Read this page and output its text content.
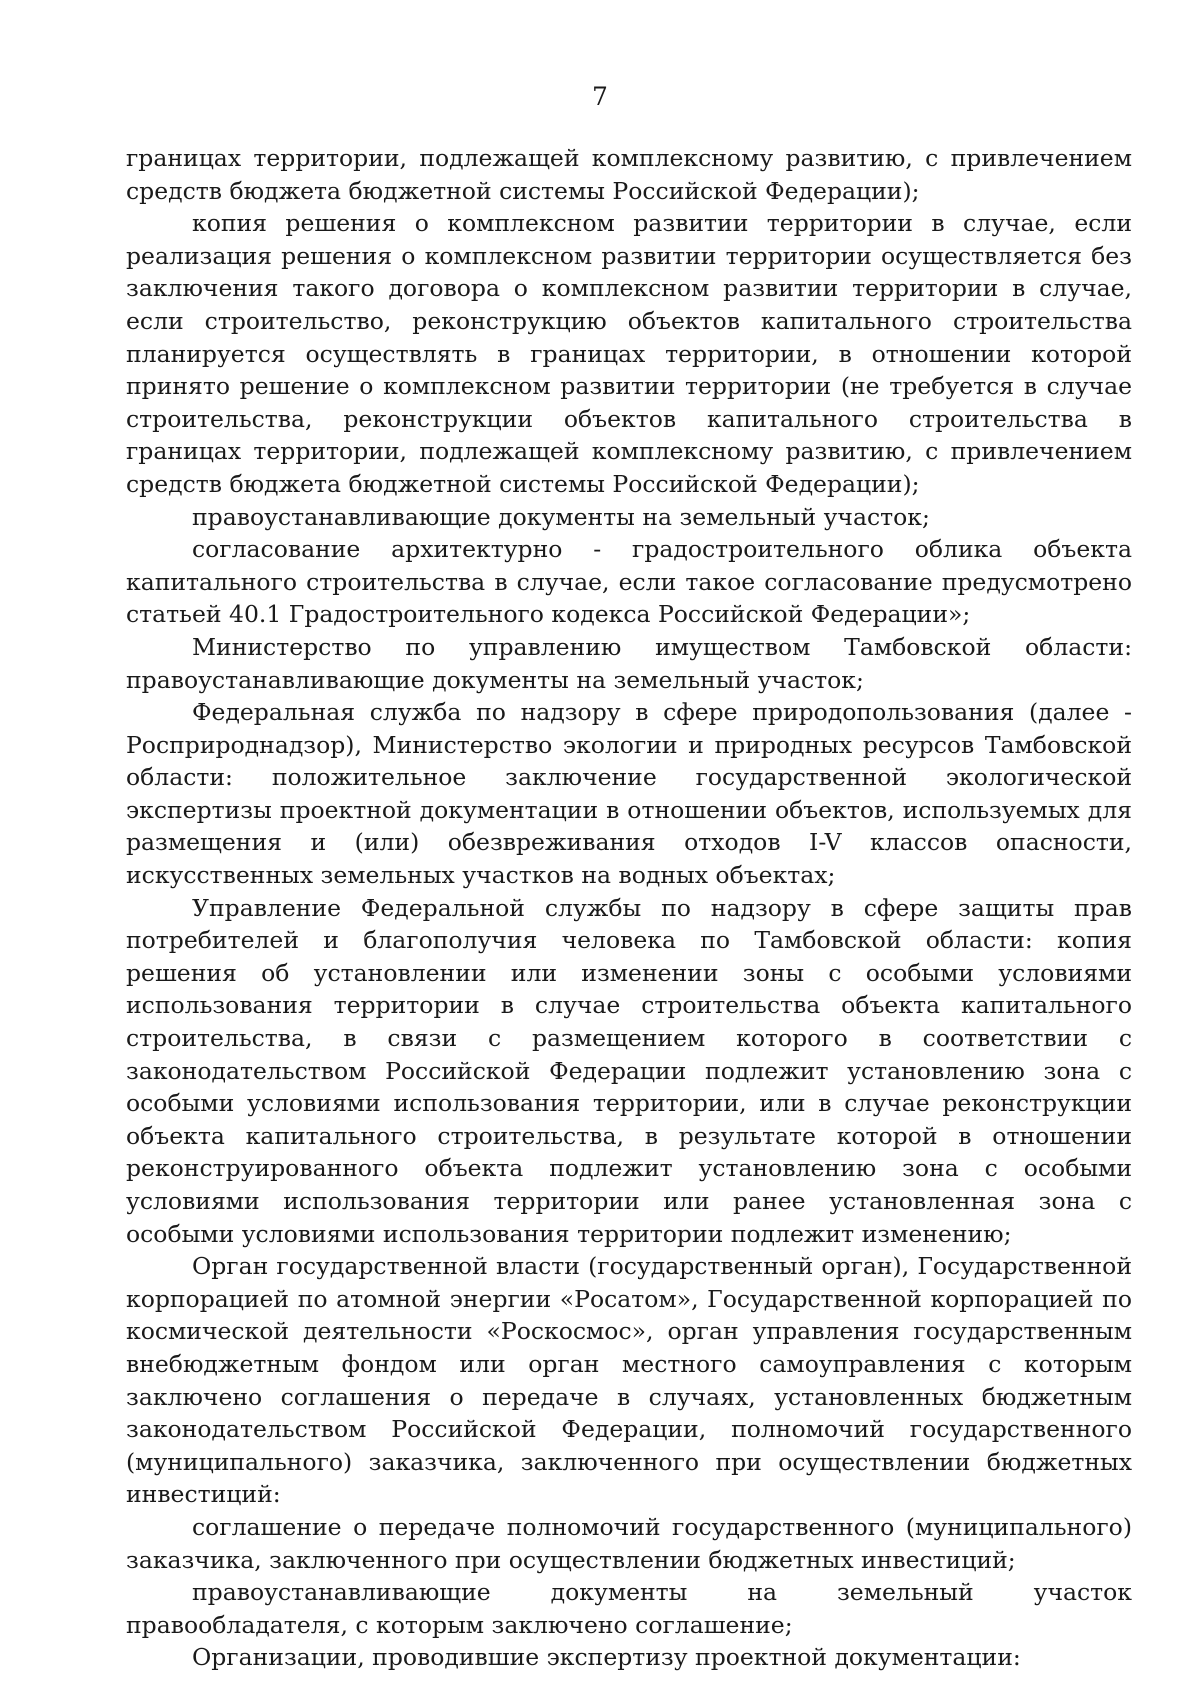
7

границах территории, подлежащей комплексному развитию, с привлечением средств бюджета бюджетной системы Российской Федерации);

копия решения о комплексном развитии территории в случае, если реализация решения о комплексном развитии территории осуществляется без заключения такого договора о комплексном развитии территории в случае, если строительство, реконструкцию объектов капитального строительства планируется осуществлять в границах территории, в отношении которой принято решение о комплексном развитии территории (не требуется в случае строительства, реконструкции объектов капитального строительства в границах территории, подлежащей комплексному развитию, с привлечением средств бюджета бюджетной системы Российской Федерации);

правоустанавливающие документы на земельный участок;

согласование архитектурно - градостроительного облика объекта капитального строительства в случае, если такое согласование предусмотрено статьей 40.1 Градостроительного кодекса Российской Федерации»;

Министерство по управлению имуществом Тамбовской области: правоустанавливающие документы на земельный участок;

Федеральная служба по надзору в сфере природопользования (далее - Росприроднадзор), Министерство экологии и природных ресурсов Тамбовской области: положительное заключение государственной экологической экспертизы проектной документации в отношении объектов, используемых для размещения и (или) обезвреживания отходов I-V классов опасности, искусственных земельных участков на водных объектах;

Управление Федеральной службы по надзору в сфере защиты прав потребителей и благополучия человека по Тамбовской области: копия решения об установлении или изменении зоны с особыми условиями использования территории в случае строительства объекта капитального строительства, в связи с размещением которого в соответствии с законодательством Российской Федерации подлежит установлению зона с особыми условиями использования территории, или в случае реконструкции объекта капитального строительства, в результате которой в отношении реконструированного объекта подлежит установлению зона с особыми условиями использования территории или ранее установленная зона с особыми условиями использования территории подлежит изменению;

Орган государственной власти (государственный орган), Государственной корпорацией по атомной энергии «Росатом», Государственной корпорацией по космической деятельности «Роскосмос», орган управления государственным внебюджетным фондом или орган местного самоуправления с которым заключено соглашения о передаче в случаях, установленных бюджетным законодательством Российской Федерации, полномочий государственного (муниципального) заказчика, заключенного при осуществлении бюджетных инвестиций:

соглашение о передаче полномочий государственного (муниципального) заказчика, заключенного при осуществлении бюджетных инвестиций;

правоустанавливающие документы на земельный участок правообладателя, с которым заключено соглашение;

Организации, проводившие экспертизу проектной документации:
